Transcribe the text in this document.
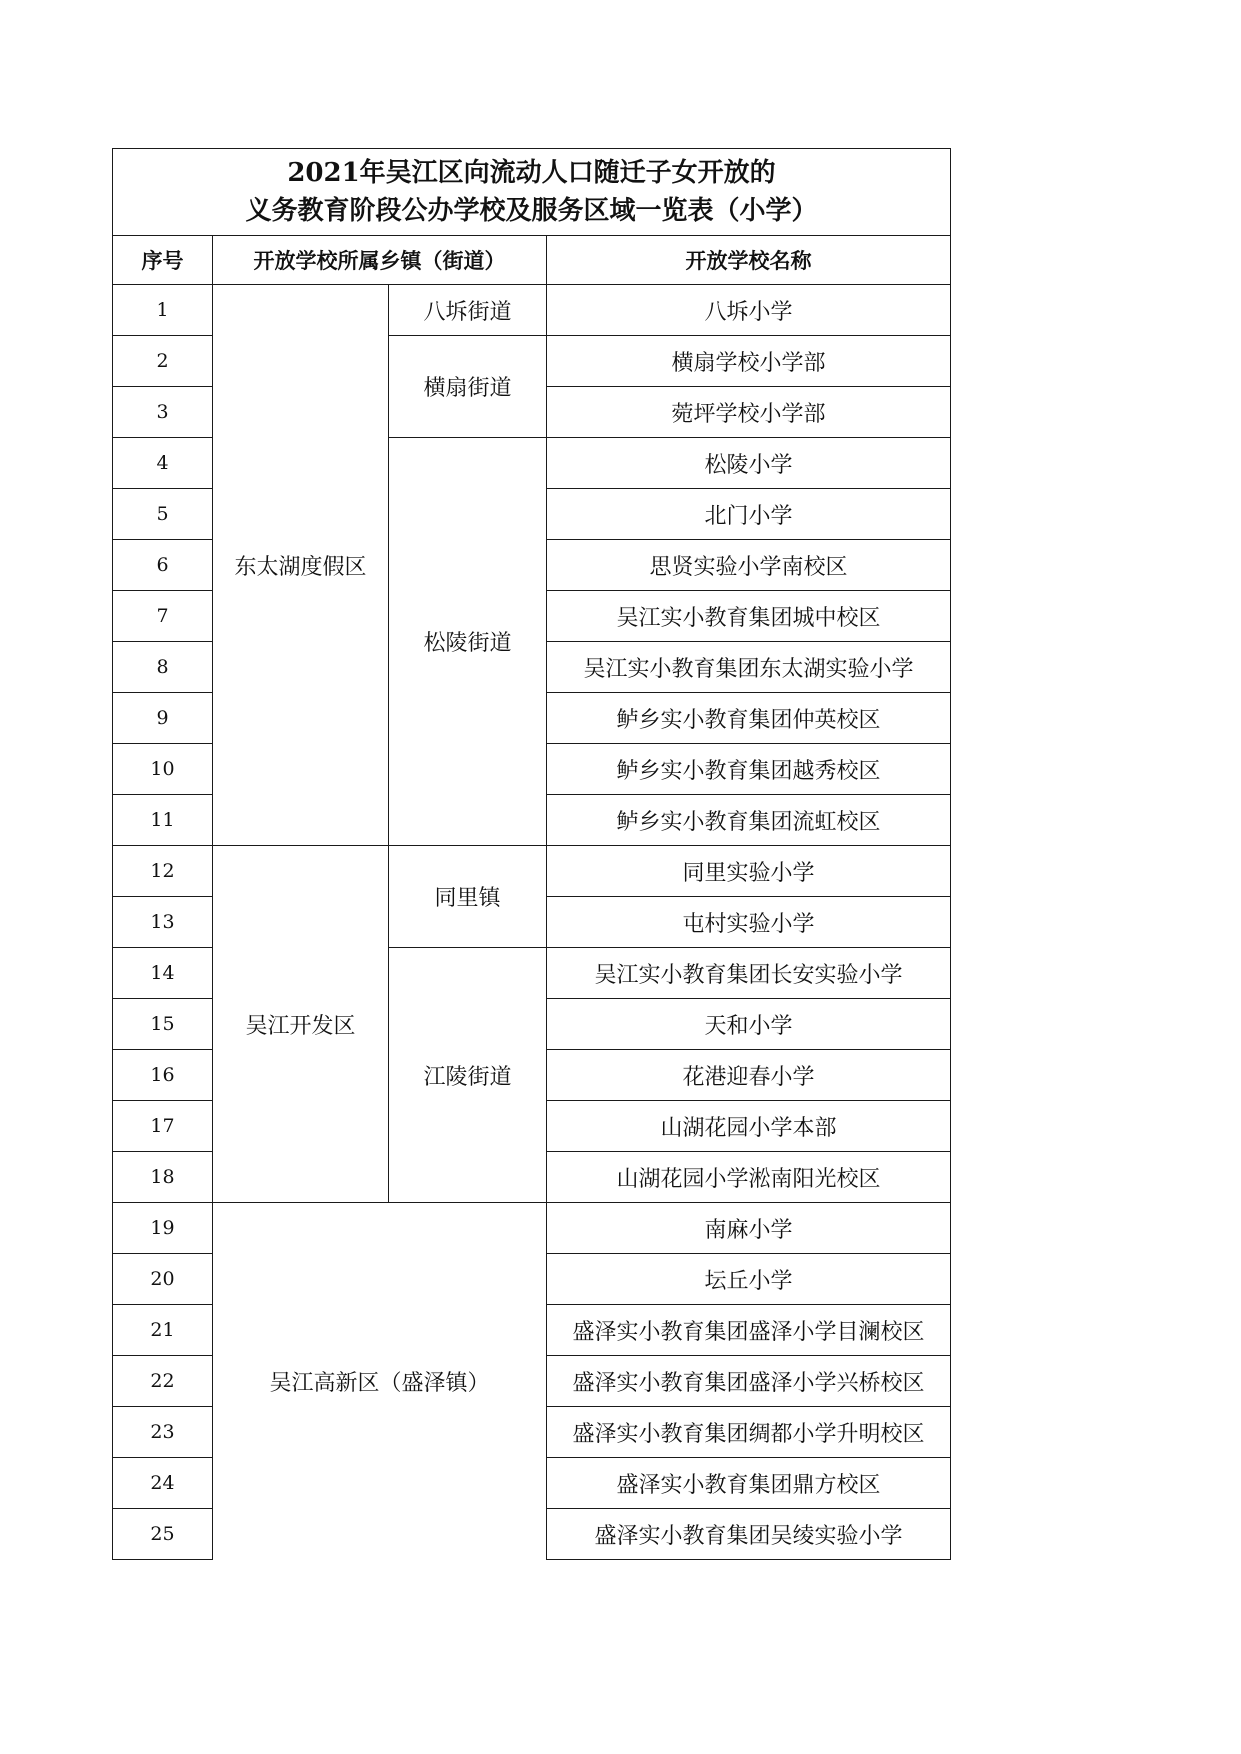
2021年吴江区向流动人口随迁子女开放的
义务教育阶段公办学校及服务区域一览表（小学）			

序号	开放学校所属乡镇（街道）		开放学校名称
1	东太湖度假区	八坼街道	八坼小学
2		横扇街道	横扇学校小学部
3			菀坪学校小学部
4		松陵街道	松陵小学
5			北门小学
6			思贤实验小学南校区
7			吴江实小教育集团城中校区
8			吴江实小教育集团东太湖实验小学
9			鲈乡实小教育集团仲英校区
10			鲈乡实小教育集团越秀校区
11			鲈乡实小教育集团流虹校区
12	吴江开发区	同里镇	同里实验小学
13			屯村实验小学
14		江陵街道	吴江实小教育集团长安实验小学
15			天和小学
16			花港迎春小学
17			山湖花园小学本部
18			山湖花园小学淞南阳光校区
19	吴江高新区（盛泽镇）		南麻小学
20			坛丘小学
21			盛泽实小教育集团盛泽小学目澜校区
22			盛泽实小教育集团盛泽小学兴桥校区
23			盛泽实小教育集团绸都小学升明校区
24			盛泽实小教育集团鼎方校区
25			盛泽实小教育集团吴绫实验小学
